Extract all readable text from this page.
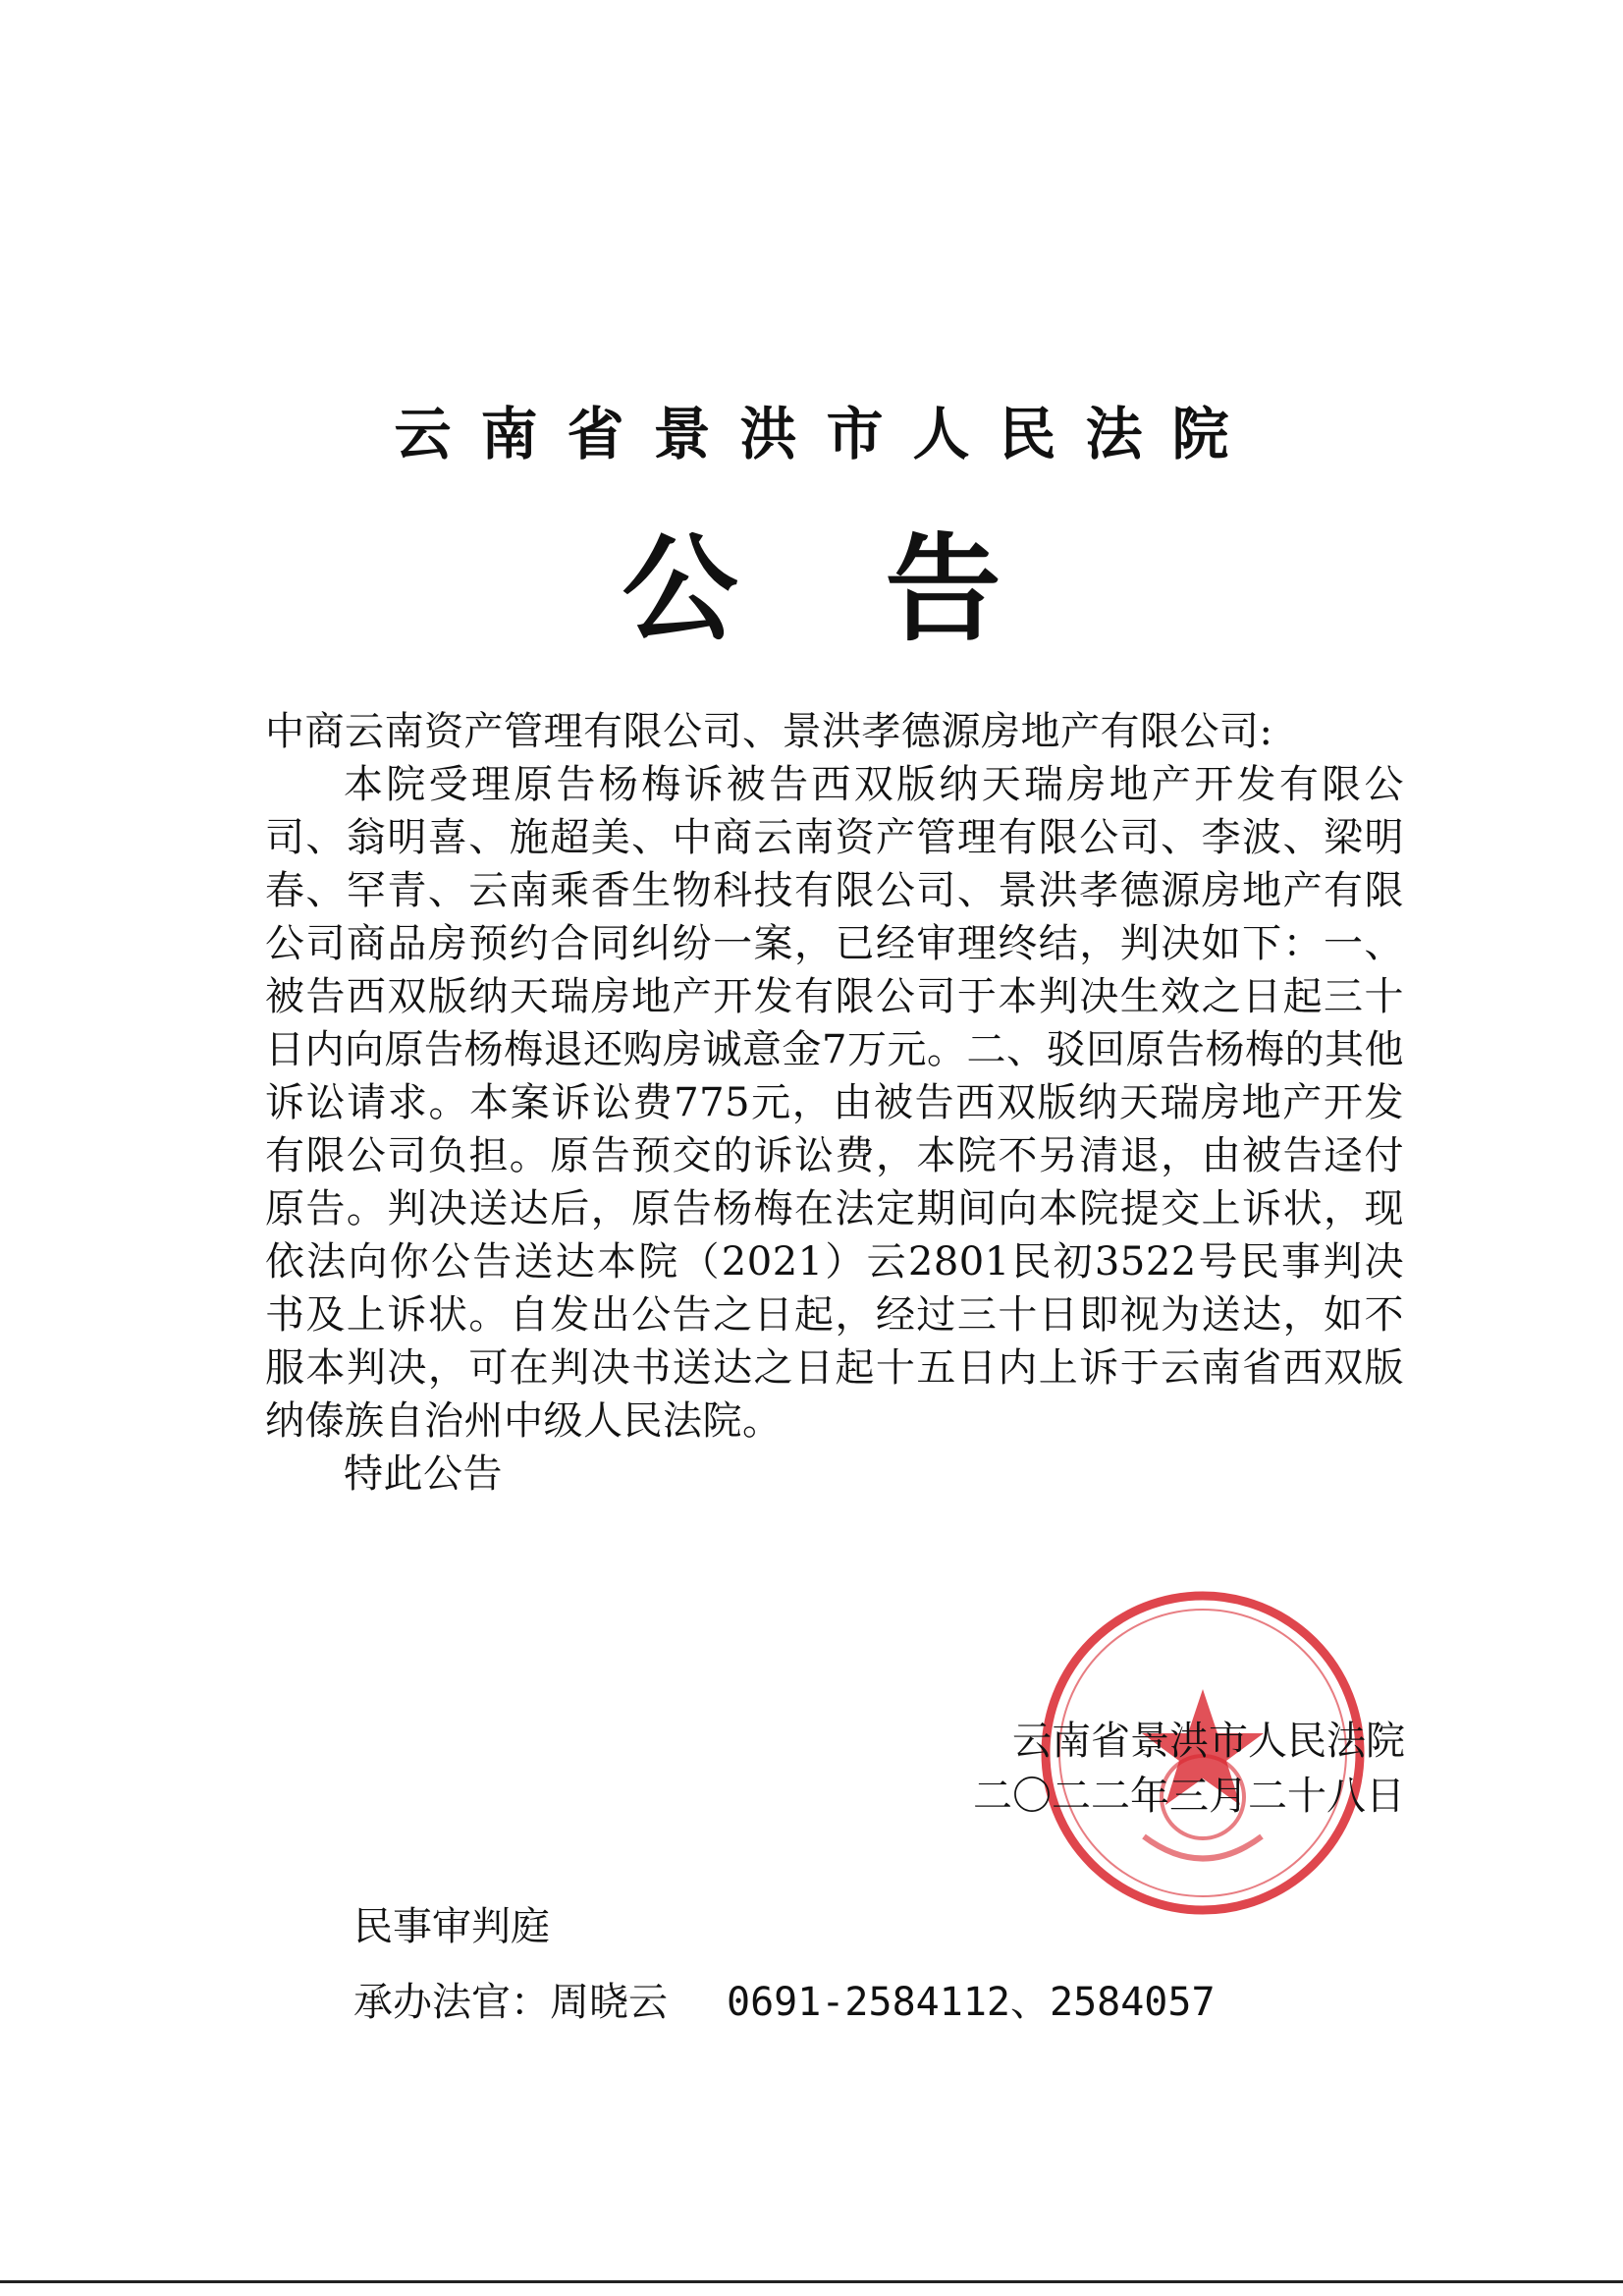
云南省景洪市人民法院
公告

中商云南资产管理有限公司、景洪孝德源房地产有限公司:

本院受理原告杨梅诉被告西双版纳天瑞房地产开发有限公司、翁明喜、施超美、中商云南资产管理有限公司、李波、梁明春、罕青、云南乘香生物科技有限公司、景洪孝德源房地产有限公司商品房预约合同纠纷一案，已经审理终结，判决如下：一、被告西双版纳天瑞房地产开发有限公司于本判决生效之日起三十日内向原告杨梅退还购房诚意金7万元。二、驳回原告杨梅的其他诉讼请求。本案诉讼费775元，由被告西双版纳天瑞房地产开发有限公司负担。原告预交的诉讼费，本院不另清退，由被告迳付原告。判决送达后，原告杨梅在法定期间向本院提交上诉状，现依法向你公告送达本院（2021）云2801民初3522号民事判决书及上诉状。自发出公告之日起，经过三十日即视为送达，如不服本判决，可在判决书送达之日起十五日内上诉于云南省西双版纳傣族自治州中级人民法院。

特此公告

云南省景洪市人民法院
二〇二二年三月二十八日
民事审判庭
承办法官：周晓云 0691-2584112、2584057
